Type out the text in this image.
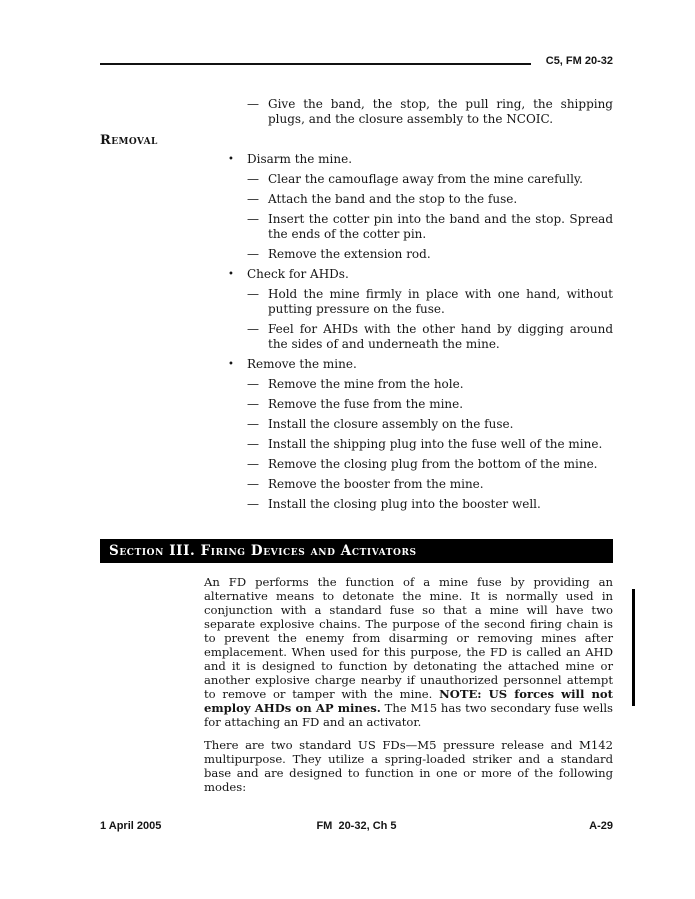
C5, FM 20-32
— Give the band, the stop, the pull ring, the shipping plugs, and the closure assembly to the NCOIC.
Removal
•	Disarm the mine.
— Clear the camouflage away from the mine carefully.
— Attach the band and the stop to the fuse.
— Insert the cotter pin into the band and the stop. Spread the ends of the cotter pin.
— Remove the extension rod.
•	Check for AHDs.
— Hold the mine firmly in place with one hand, without putting pressure on the fuse.
— Feel for AHDs with the other hand by digging around the sides of and underneath the mine.
•	Remove the mine.
— Remove the mine from the hole.
— Remove the fuse from the mine.
— Install the closure assembly on the fuse.
— Install the shipping plug into the fuse well of the mine.
— Remove the closing plug from the bottom of the mine.
— Remove the booster from the mine.
— Install the closing plug into the booster well.
Section III. Firing Devices and Activators

An FD performs the function of a mine fuse by providing an alternative means to detonate the mine. It is normally used in conjunction with a standard fuse so that a mine will have two separate explosive chains. The purpose of the second firing chain is to prevent the enemy from disarming or removing mines after emplacement. When used for this purpose, the FD is called an AHD and it is designed to function by detonating the attached mine or another explosive charge nearby if unauthorized personnel attempt to remove or tamper with the mine. NOTE: US forces will not employ AHDs on AP mines. The M15 has two secondary fuse wells for attaching an FD and an activator.

There are two standard US FDs—M5 pressure release and M142 multipurpose. They utilize a spring-loaded striker and a standard base and are designed to function in one or more of the following modes:

1 April 2005	FM  20-32, Ch 5	A-29
